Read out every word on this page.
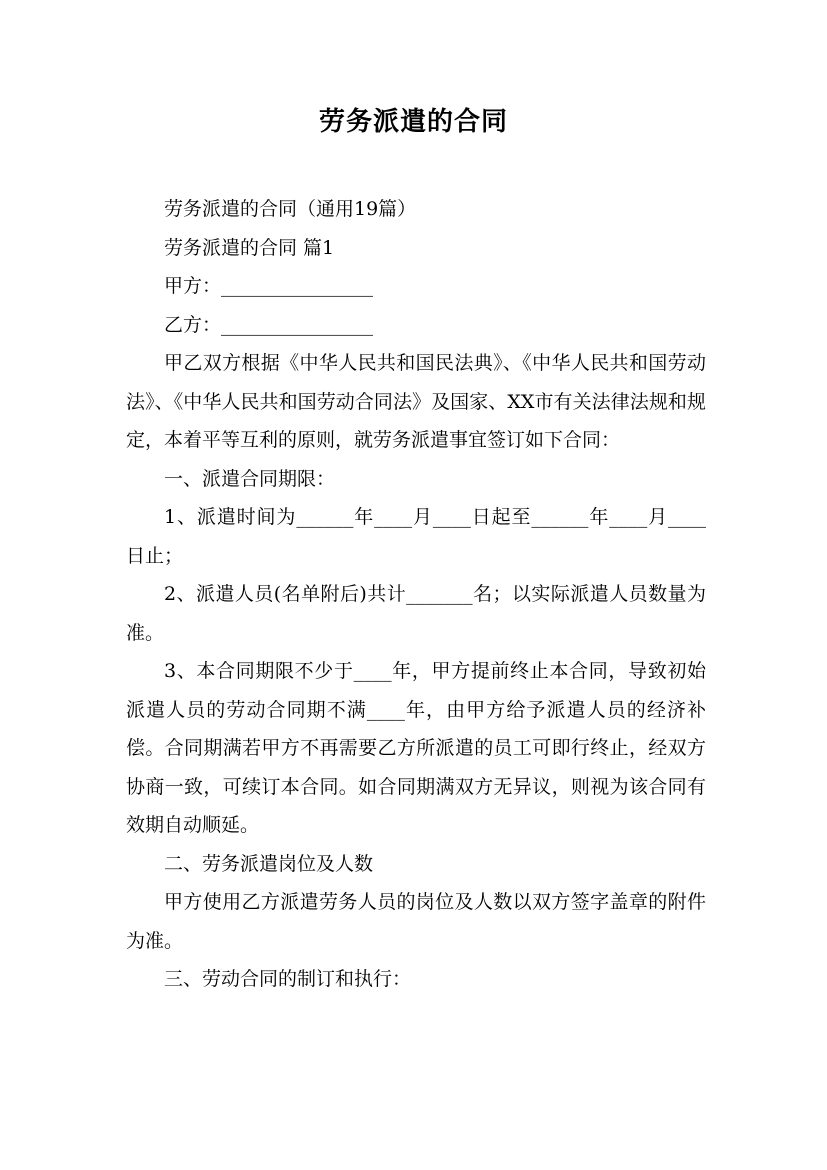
劳务派遣的合同

劳务派遣的合同（通用19篇）

劳务派遣的合同 篇1

甲方：________________

乙方：________________

甲乙双方根据《中华人民共和国民法典》、《中华人民共和国劳动法》、《中华人民共和国劳动合同法》及国家、XX市有关法律法规和规定，本着平等互利的原则，就劳务派遣事宜签订如下合同：

一、派遣合同期限：

1、派遣时间为______年____月____日起至______年____月____日止；

2、派遣人员(名单附后)共计_______名；以实际派遣人员数量为准。

3、本合同期限不少于____年，甲方提前终止本合同，导致初始派遣人员的劳动合同期不满____年，由甲方给予派遣人员的经济补偿。合同期满若甲方不再需要乙方所派遣的员工可即行终止，经双方协商一致，可续订本合同。如合同期满双方无异议，则视为该合同有效期自动顺延。

二、劳务派遣岗位及人数

甲方使用乙方派遣劳务人员的岗位及人数以双方签字盖章的附件为准。

三、劳动合同的制订和执行：
